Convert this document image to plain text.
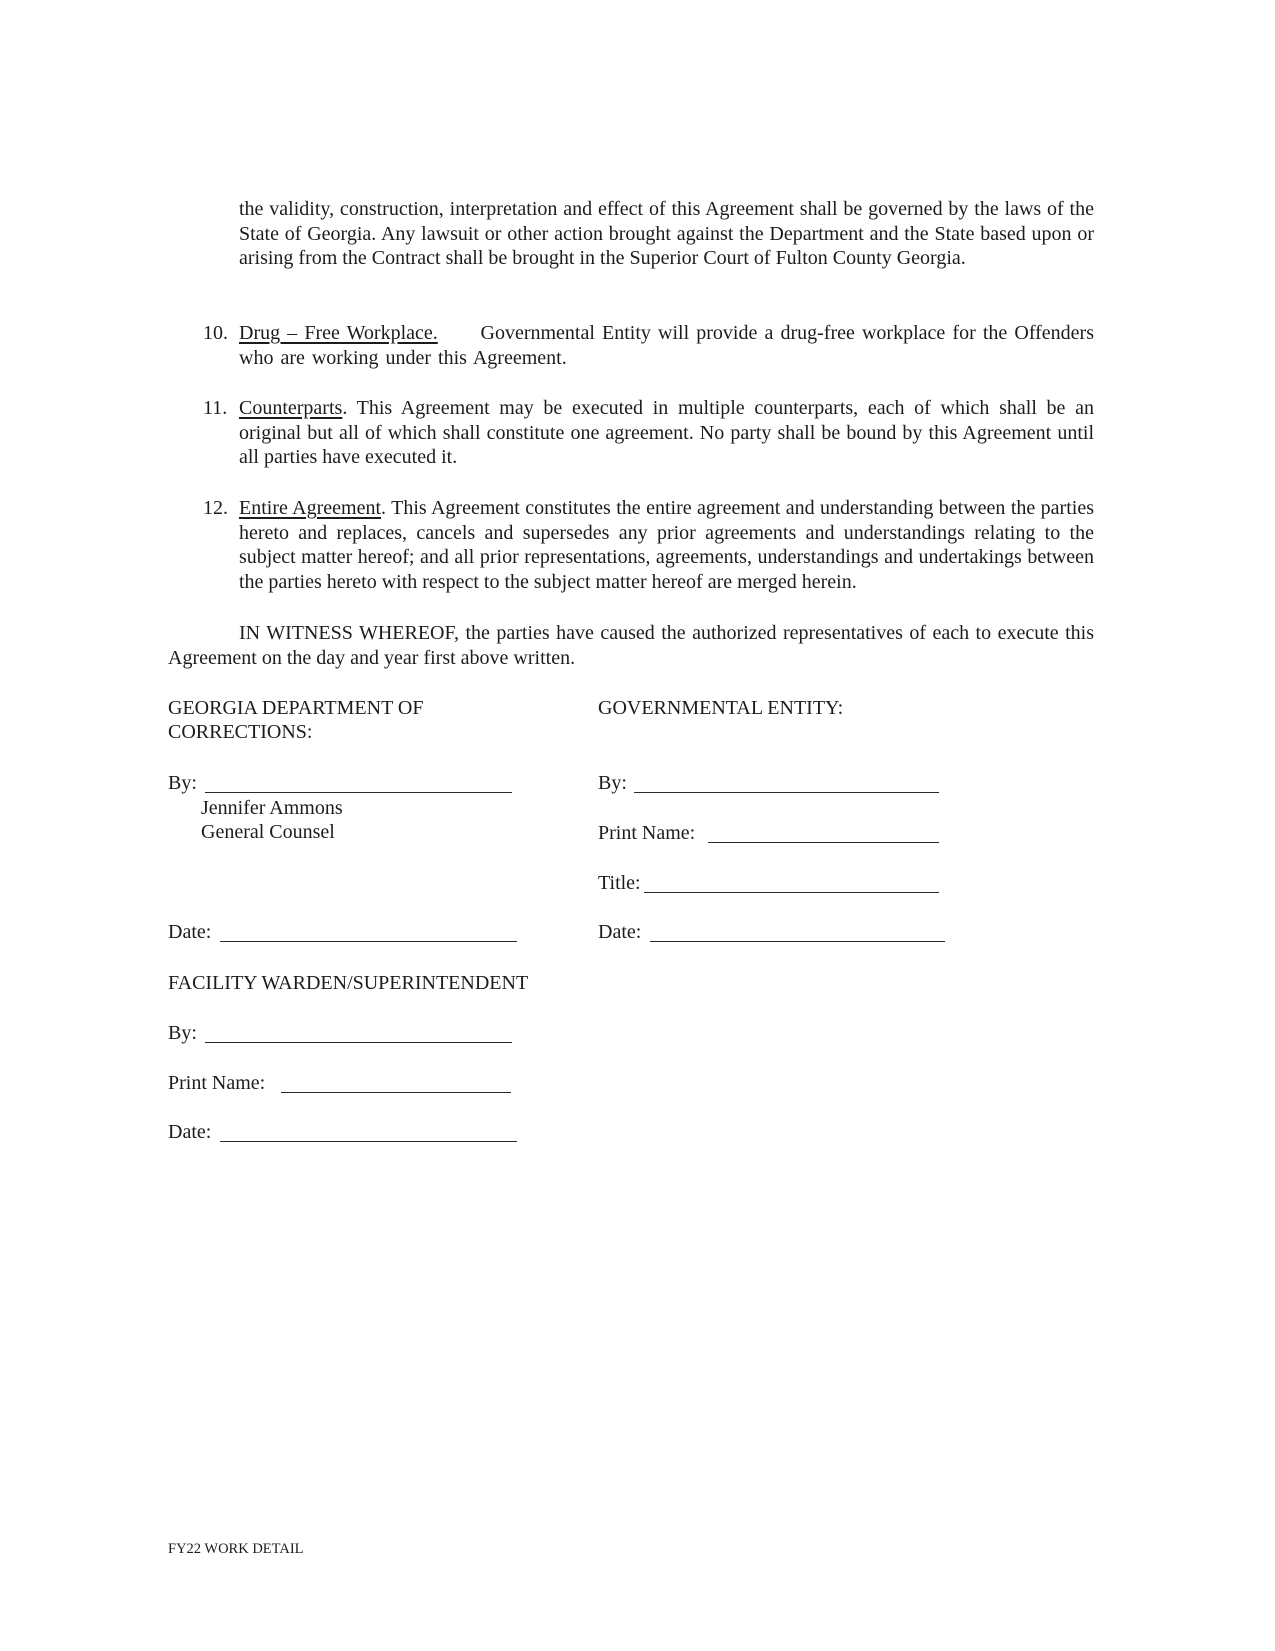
the validity, construction, interpretation and effect of this Agreement shall be governed by the laws of the State of Georgia. Any lawsuit or other action brought against the Department and the State based upon or arising from the Contract shall be brought in the Superior Court of Fulton County Georgia.

10. Drug – Free Workplace. Governmental Entity will provide a drug-free workplace for the Offenders who are working under this Agreement.

11. Counterparts. This Agreement may be executed in multiple counterparts, each of which shall be an original but all of which shall constitute one agreement. No party shall be bound by this Agreement until all parties have executed it.

12. Entire Agreement. This Agreement constitutes the entire agreement and understanding between the parties hereto and replaces, cancels and supersedes any prior agreements and understandings relating to the subject matter hereof; and all prior representations, agreements, understandings and undertakings between the parties hereto with respect to the subject matter hereof are merged herein.

IN WITNESS WHEREOF, the parties have caused the authorized representatives of each to execute this Agreement on the day and year first above written.

GEORGIA DEPARTMENT OF
CORRECTIONS:
By:
Jennifer Ammons
General Counsel
Date:
GOVERNMENTAL ENTITY:
By:
Print Name:
Title:
Date:
FACILITY WARDEN/SUPERINTENDENT
By:
Print Name:
Date:
FY22 WORK DETAIL
